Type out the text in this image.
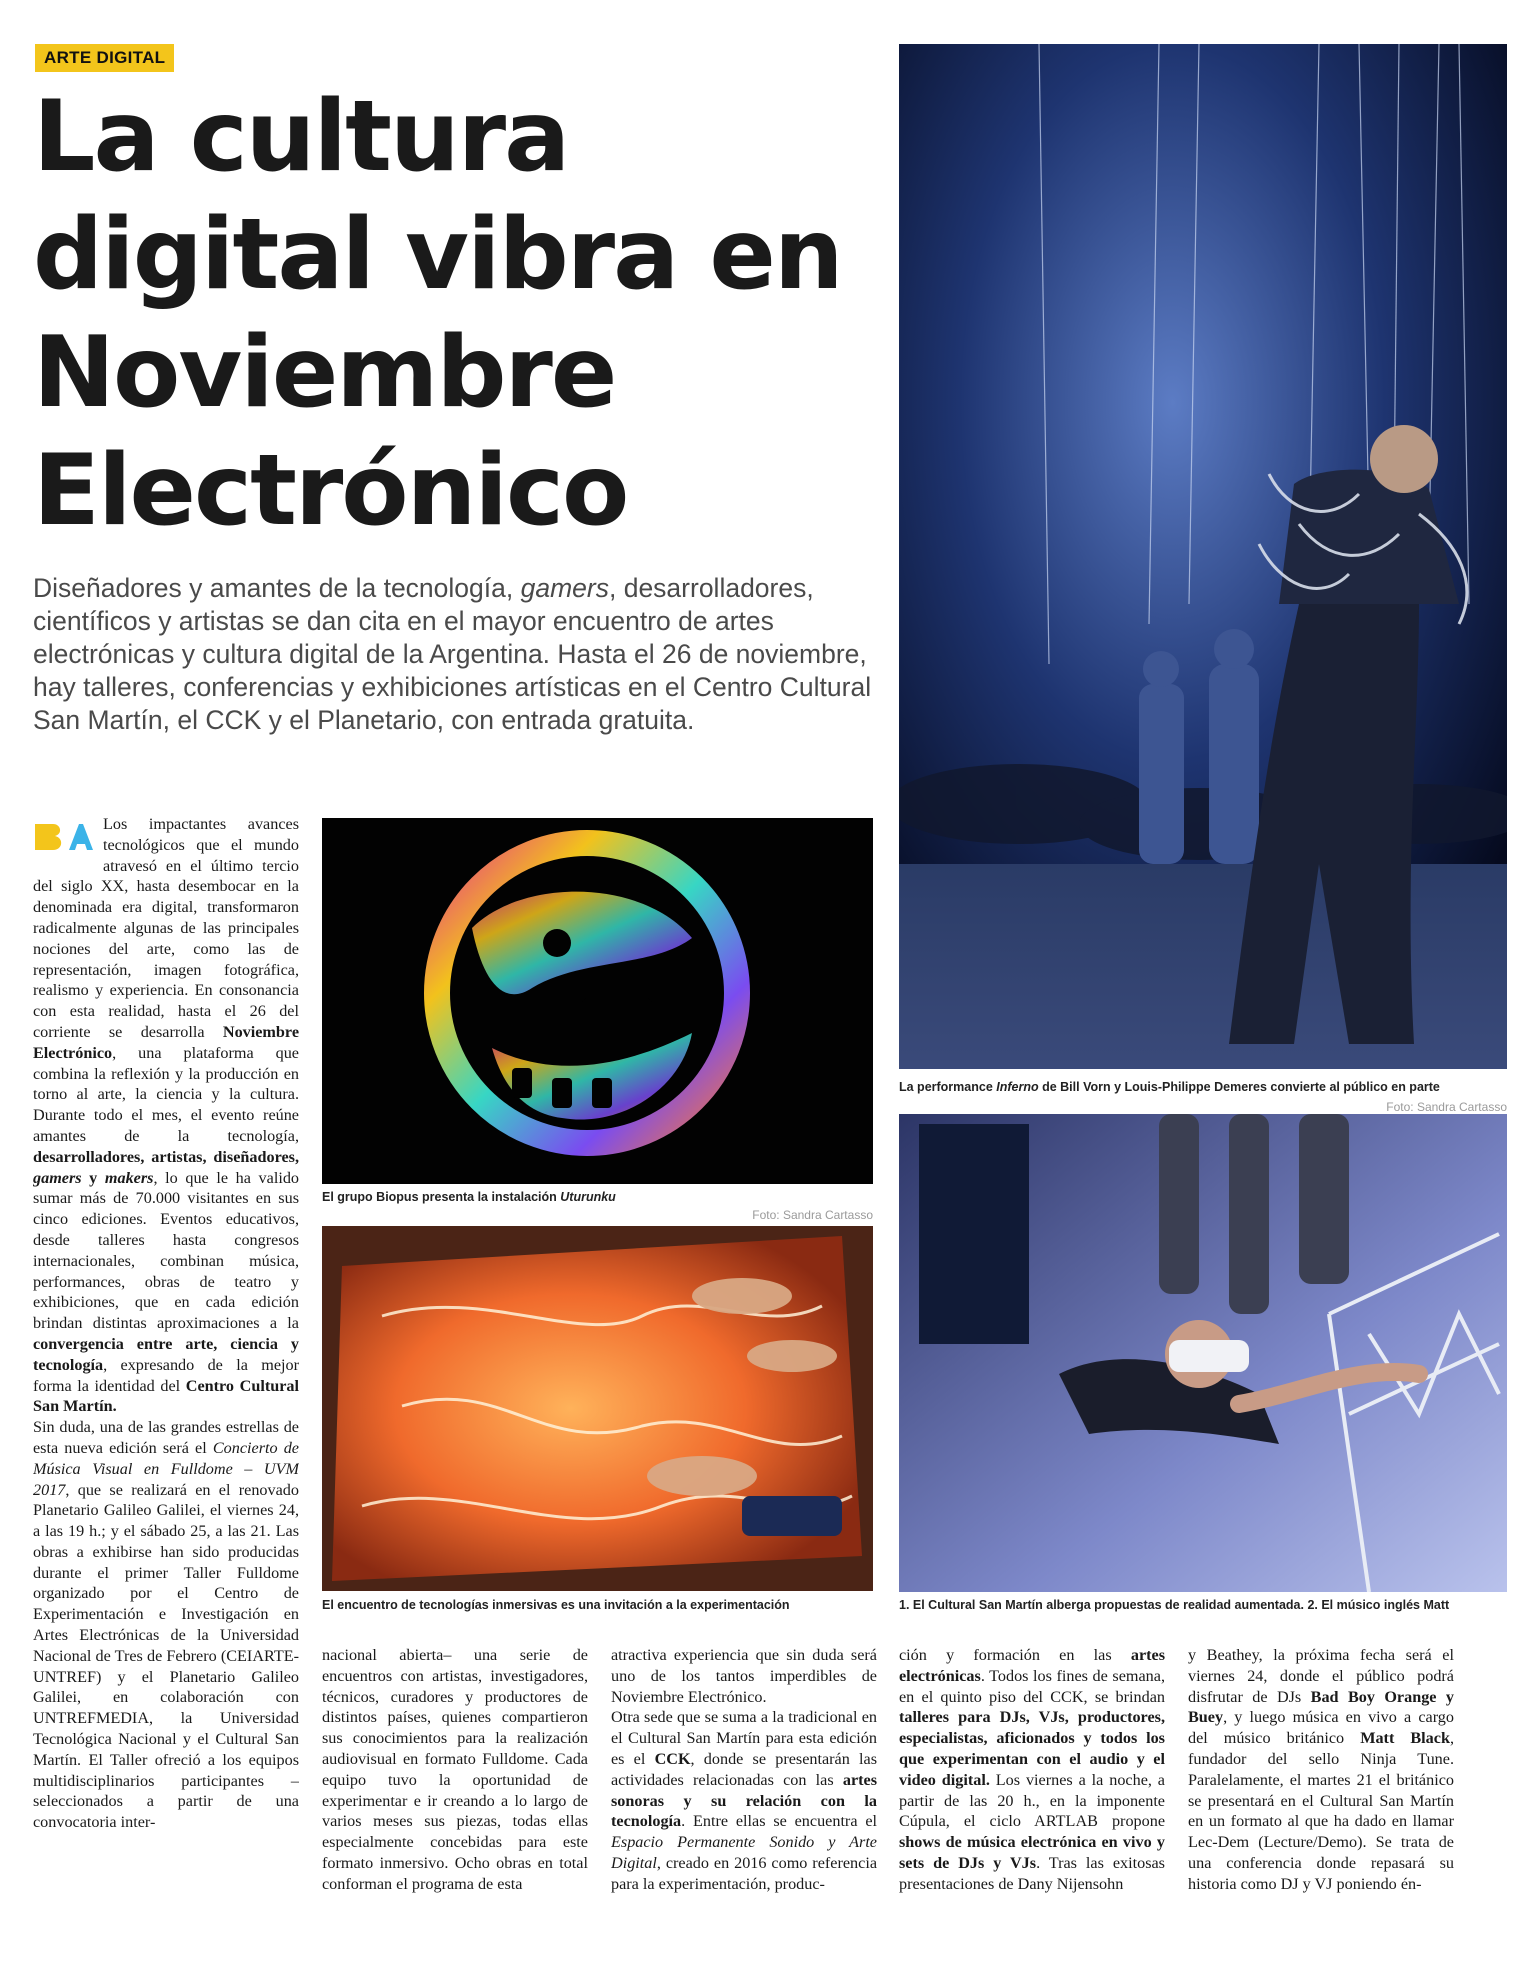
ARTE DIGITAL
La cultura digital vibra en Noviembre Electrónico

Diseñadores y amantes de la tecnología, gamers, desarrolladores, científicos y artistas se dan cita en el mayor encuentro de artes electrónicas y cultura digital de la Argentina. Hasta el 26 de noviembre, hay talleres, conferencias y exhibiciones artísticas en el Centro Cultural San Martín, el CCK y el Planetario, con entrada gratuita.

La performance Inferno de Bill Vorn y Louis-Philippe Demeres convierte al público en parte
Foto: Sandra Cartasso
El grupo Biopus presenta la instalación Uturunku
Foto: Sandra Cartasso
El encuentro de tecnologías inmersivas es una invitación a la experimentación	1. El Cultural San Martín alberga propuestas de realidad aumentada. 2. El músico inglés Matt

Los impactantes avances tecnológicos que el mundo atravesó en el último tercio del siglo XX, hasta desembocar en la denominada era digital, transformaron radicalmente algunas de las principales nociones del arte, como las de representación, imagen fotográfica, realismo y experiencia. En consonancia con esta realidad, hasta el 26 del corriente se desarrolla Noviembre Electrónico, una plataforma que combina la reflexión y la producción en torno al arte, la ciencia y la cultura. Durante todo el mes, el evento reúne amantes de la tecnología, desarrolladores, artistas, diseñadores, gamers y makers, lo que le ha valido sumar más de 70.000 visitantes en sus cinco ediciones. Eventos educativos, desde talleres hasta congresos internacionales, combinan música, performances, obras de teatro y exhibiciones, que en cada edición brindan distintas aproximaciones a la convergencia entre arte, ciencia y tecnología, expresando de la mejor forma la identidad del Centro Cultural San Martín.

Sin duda, una de las grandes estrellas de esta nueva edición será el Concierto de Música Visual en Fulldome – UVM 2017, que se realizará en el renovado Planetario Galileo Galilei, el viernes 24, a las 19 h.; y el sábado 25, a las 21. Las obras a exhibirse han sido producidas durante el primer Taller Fulldome organizado por el Centro de Experimentación e Investigación en Artes Electrónicas de la Universidad Nacional de Tres de Febrero (CEIARTE-UNTREF) y el Planetario Galileo Galilei, en colaboración con UNTREFMEDIA, la Universidad Tecnológica Nacional y el Cultural San Martín. El Taller ofreció a los equipos multidisciplinarios participantes –seleccionados a partir de una convocatoria inter-

nacional abierta– una serie de encuentros con artistas, investigadores, técnicos, curadores y productores de distintos países, quienes compartieron sus conocimientos para la realización audiovisual en formato Fulldome. Cada equipo tuvo la oportunidad de experimentar e ir creando a lo largo de varios meses sus piezas, todas ellas especialmente concebidas para este formato inmersivo. Ocho obras en total conforman el programa de esta

atractiva experiencia que sin duda será uno de los tantos imperdibles de Noviembre Electrónico.

Otra sede que se suma a la tradicional en el Cultural San Martín para esta edición es el CCK, donde se presentarán las actividades relacionadas con las artes sonoras y su relación con la tecnología. Entre ellas se encuentra el Espacio Permanente Sonido y Arte Digital, creado en 2016 como referencia para la experimentación, produc-

ción y formación en las artes electrónicas. Todos los fines de semana, en el quinto piso del CCK, se brindan talleres para DJs, VJs, productores, especialistas, aficionados y todos los que experimentan con el audio y el video digital. Los viernes a la noche, a partir de las 20 h., en la imponente Cúpula, el ciclo ARTLAB propone shows de música electrónica en vivo y sets de DJs y VJs. Tras las exitosas presentaciones de Dany Nijensohn

y Beathey, la próxima fecha será el viernes 24, donde el público podrá disfrutar de DJs Bad Boy Orange y Buey, y luego música en vivo a cargo del músico británico Matt Black, fundador del sello Ninja Tune. Paralelamente, el martes 21 el británico se presentará en el Cultural San Martín en un formato al que ha dado en llamar Lec-Dem (Lecture/Demo). Se trata de una conferencia donde repasará su historia como DJ y VJ poniendo én-
